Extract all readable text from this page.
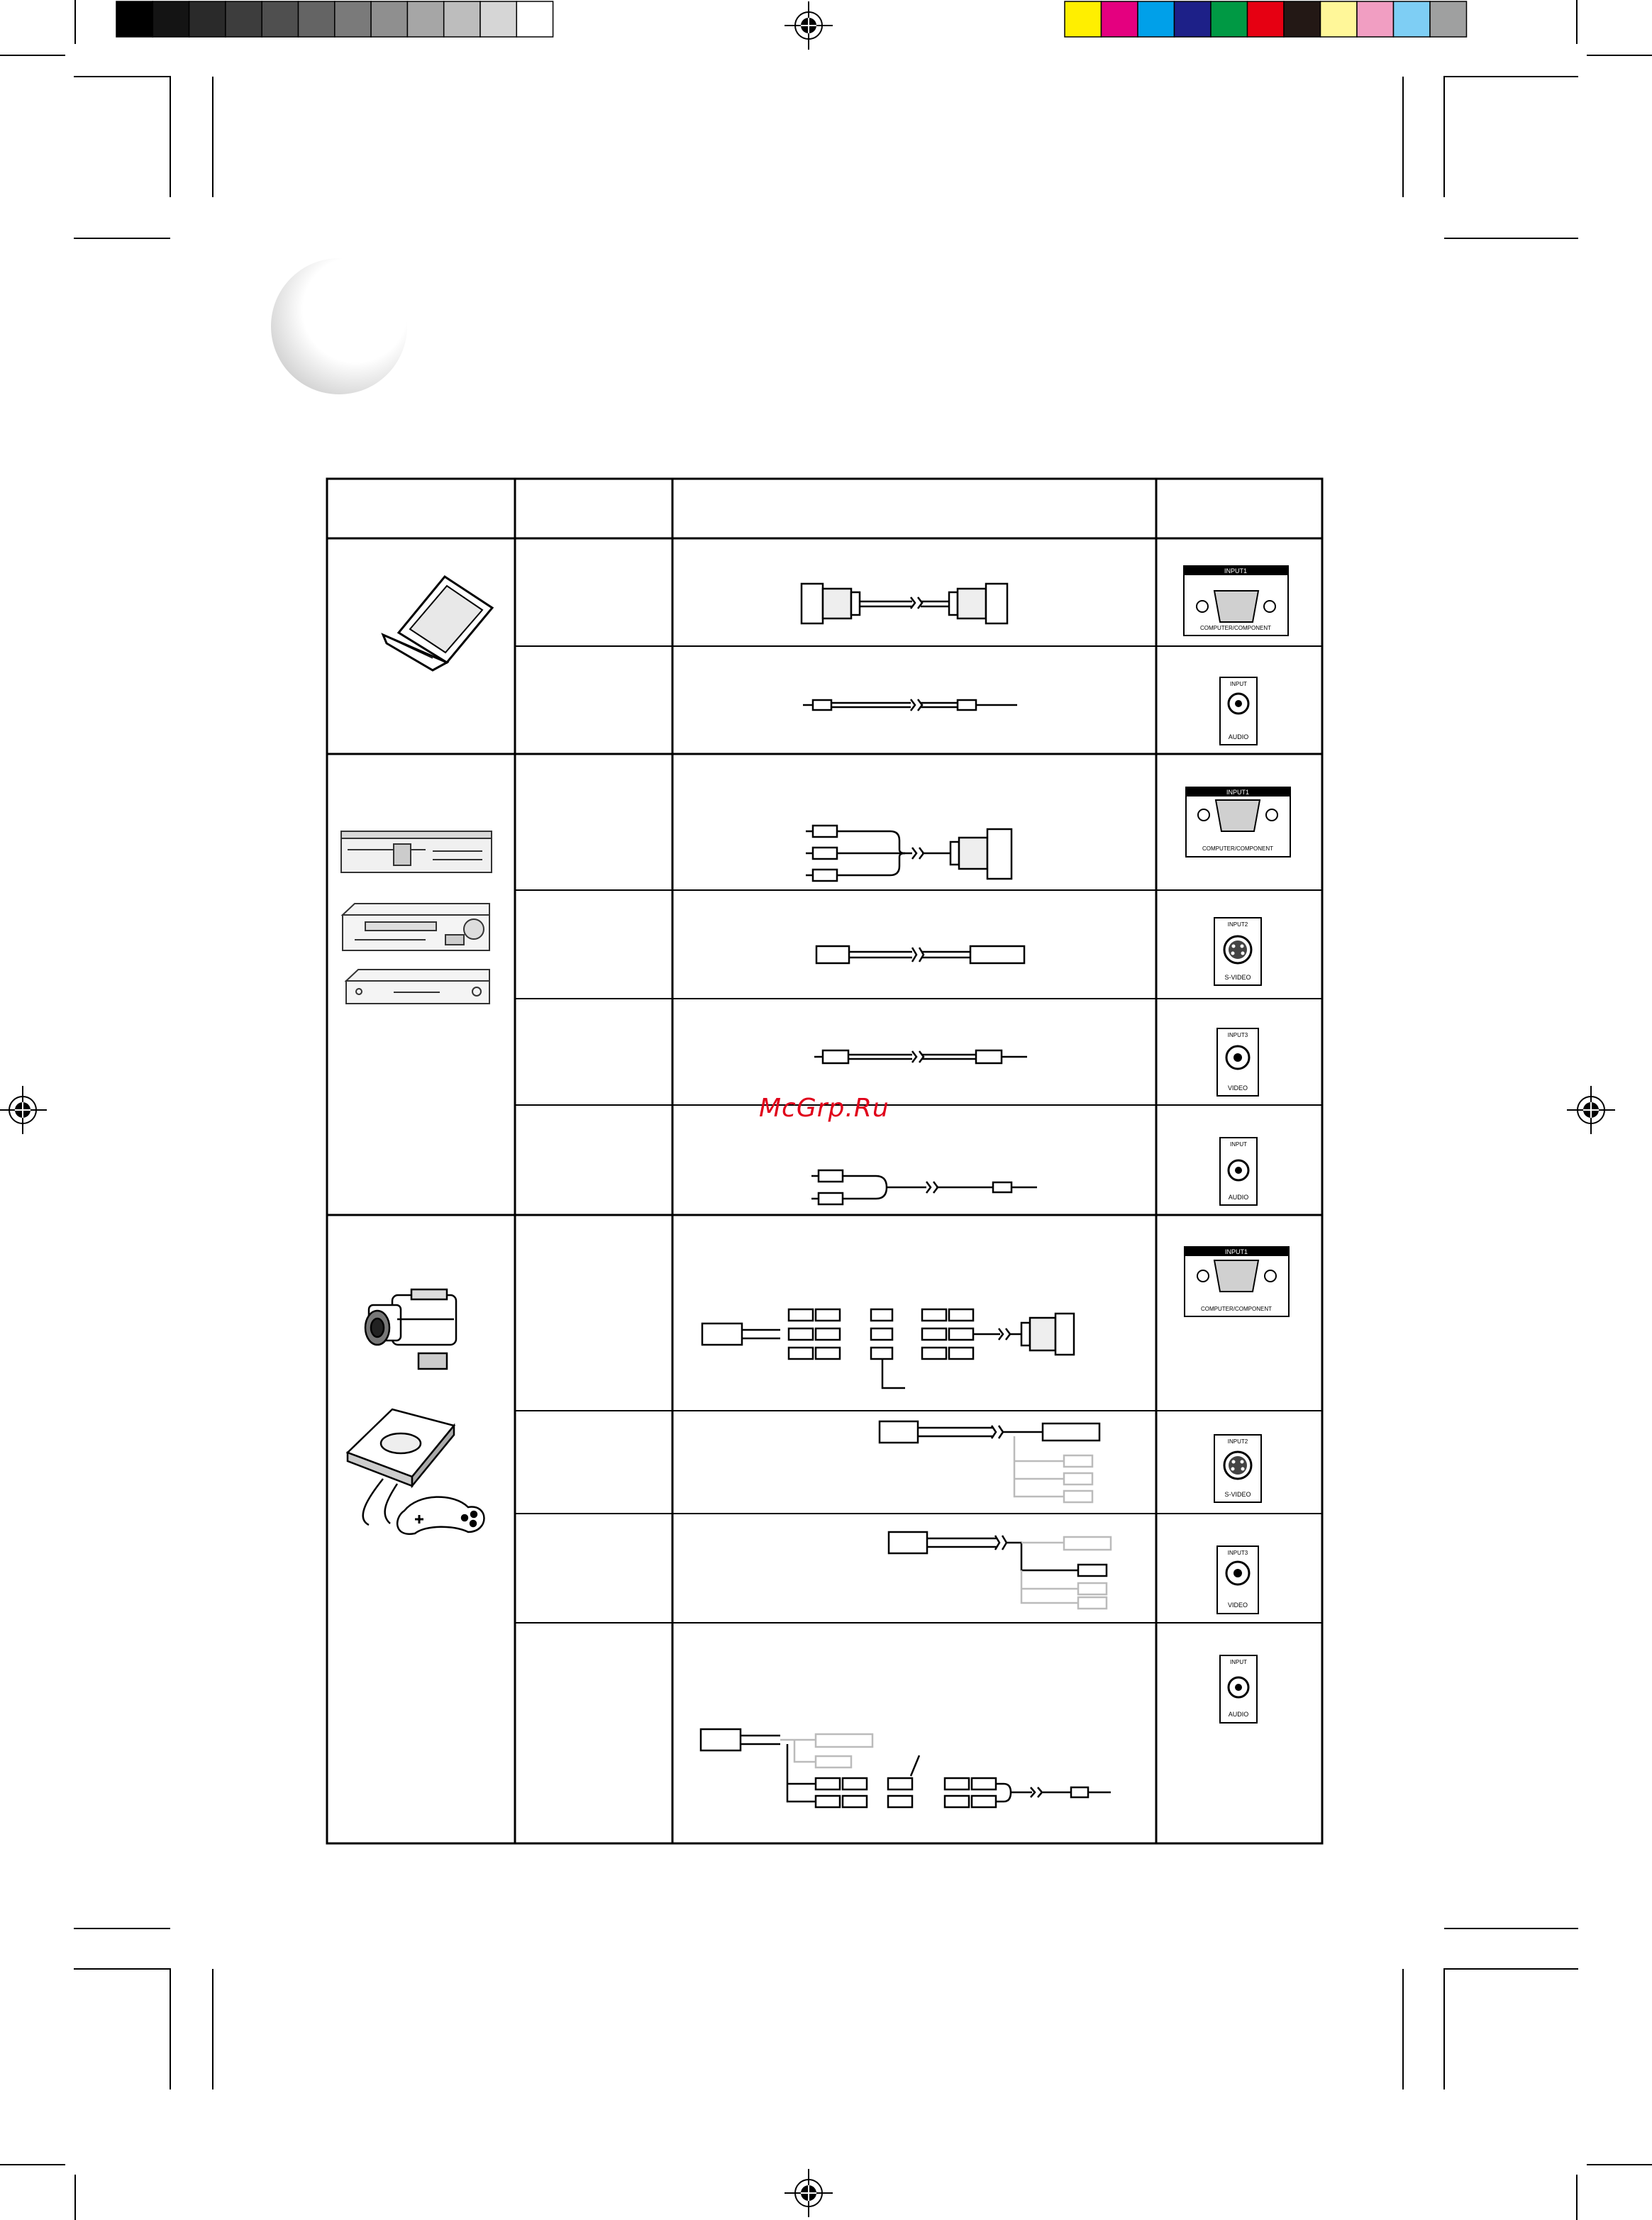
INPUT1
COMPUTER/COMPONENT
INPUT
AUDIO
INPUT1
COMPUTER/COMPONENT
INPUT2
S-VIDEO
INPUT3
VIDEO
INPUT
AUDIO
INPUT1
COMPUTER/COMPONENT
INPUT2
S-VIDEO
INPUT3
VIDEO
INPUT
AUDIO
McGrp.Ru
